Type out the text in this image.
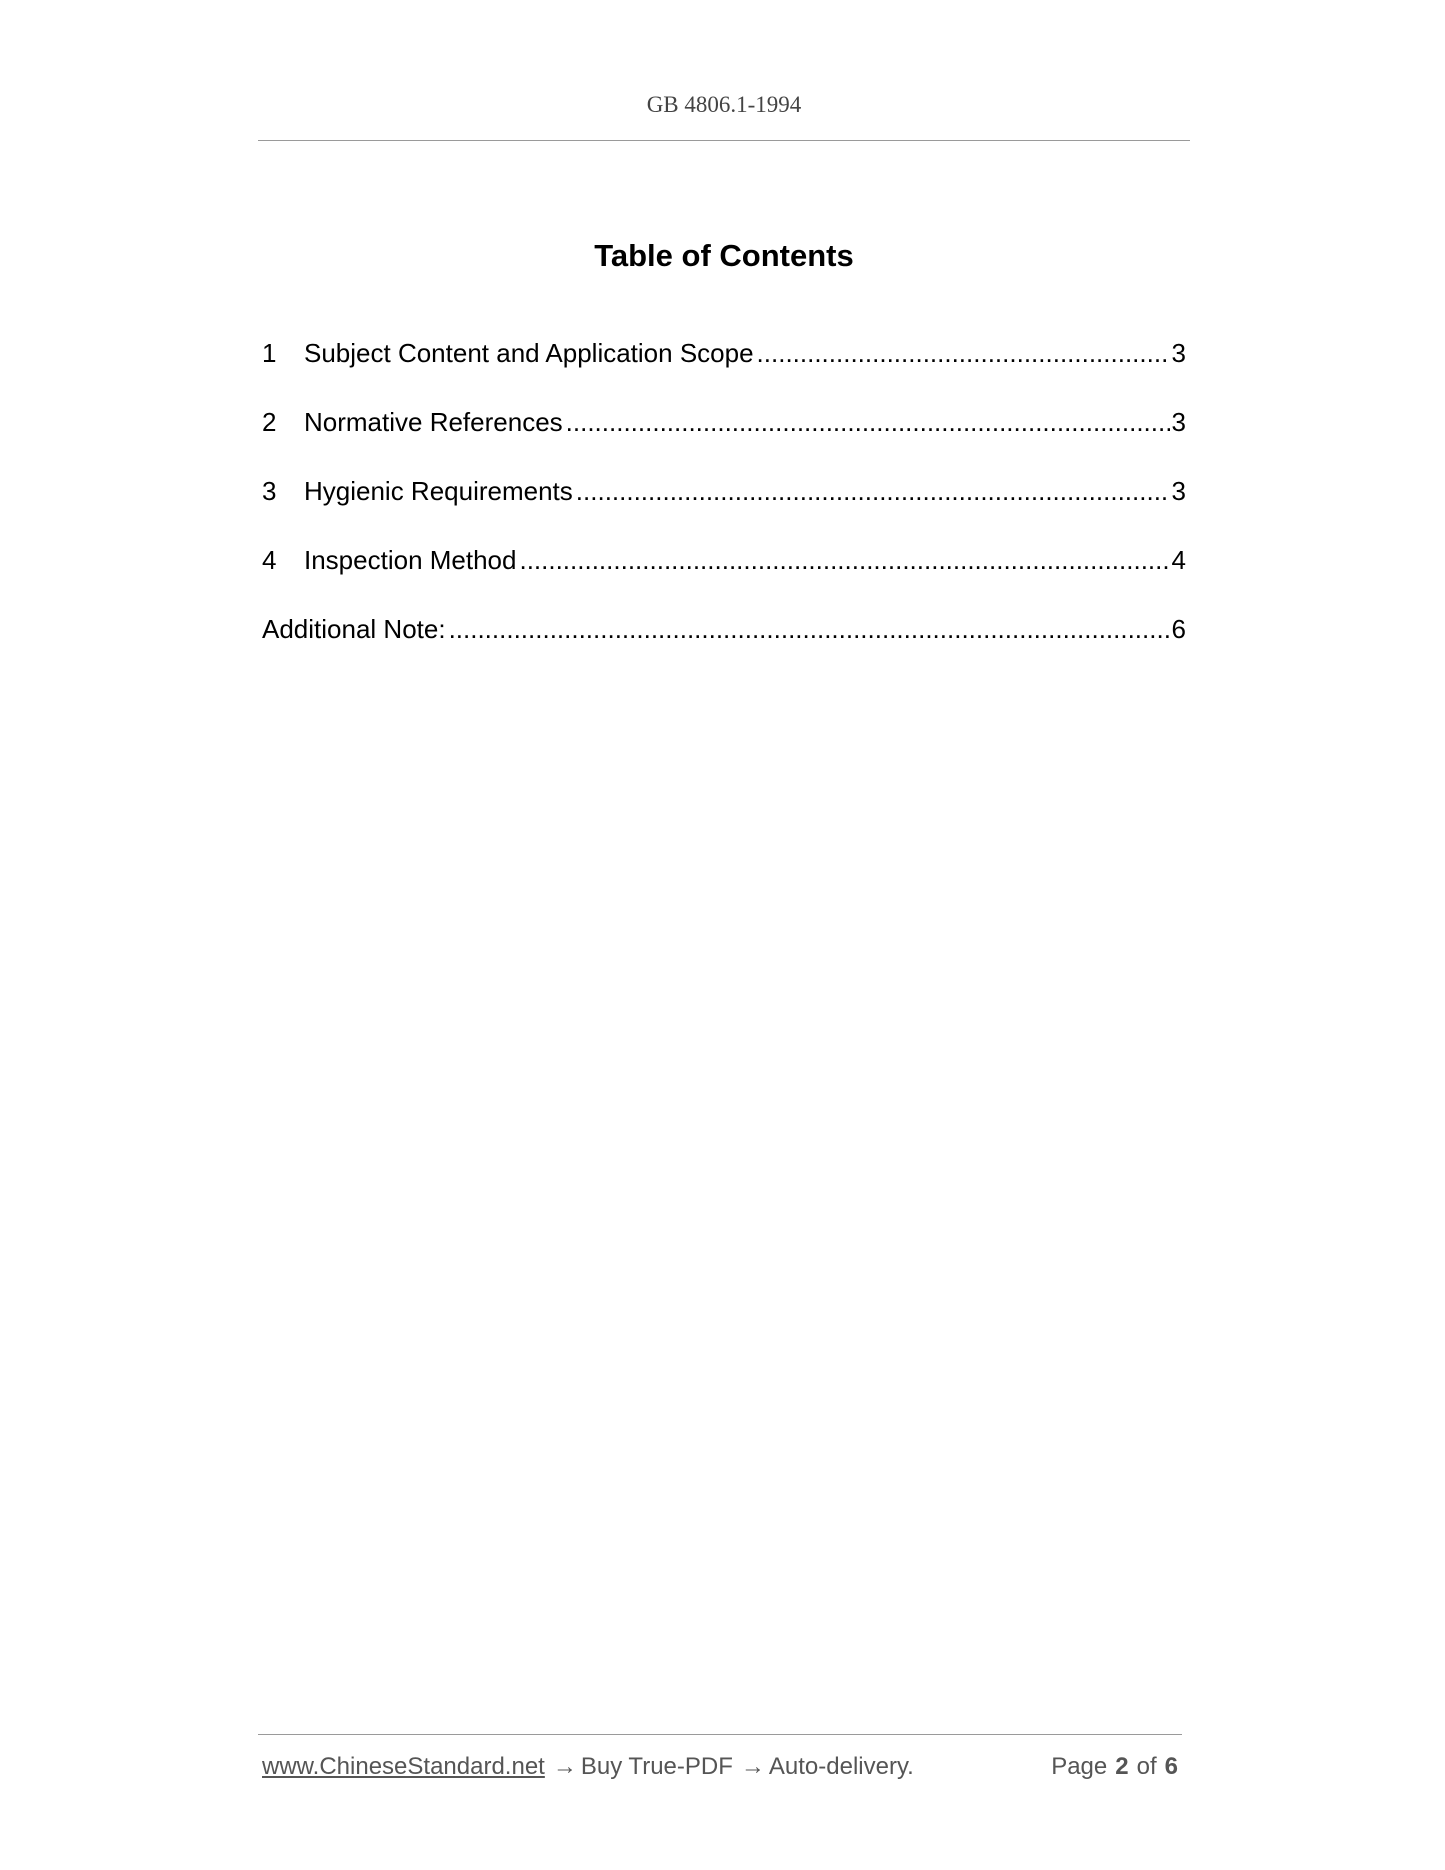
GB 4806.1-1994
Table of Contents
1	Subject Content and Application Scope .....	3
2	Normative References .....	3
3	Hygienic Requirements .....	3
4	Inspection Method .....	4
Additional Note: .....	6
www.ChineseStandard.net → Buy True-PDF → Auto-delivery.	Page 2 of 6
